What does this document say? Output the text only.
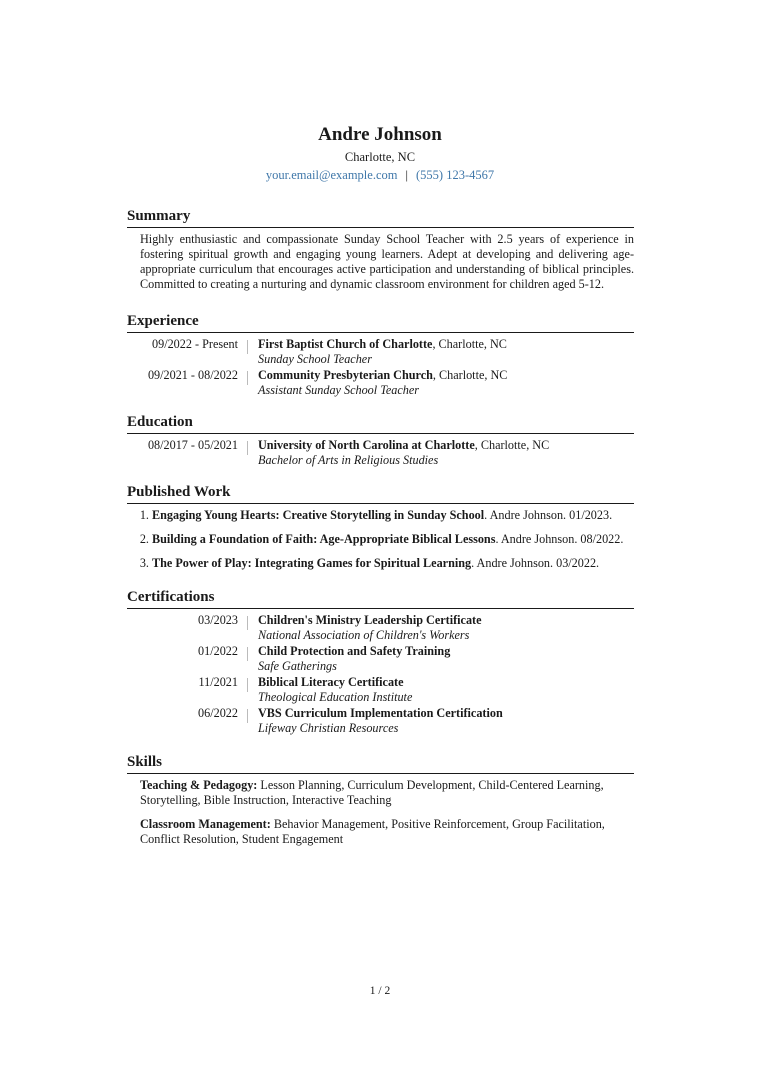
Andre Johnson
Charlotte, NC
your.email@example.com | (555) 123-4567
Summary
Highly enthusiastic and compassionate Sunday School Teacher with 2.5 years of experience in fostering spiritual growth and engaging young learners. Adept at developing and delivering age-appropriate curriculum that encourages active participation and understanding of biblical principles. Committed to creating a nurturing and dynamic classroom environment for children aged 5-12.
Experience
09/2022 - Present	First Baptist Church of Charlotte, Charlotte, NC
Sunday School Teacher
09/2021 - 08/2022	Community Presbyterian Church, Charlotte, NC
Assistant Sunday School Teacher
Education
08/2017 - 05/2021	University of North Carolina at Charlotte, Charlotte, NC
Bachelor of Arts in Religious Studies
Published Work
1. Engaging Young Hearts: Creative Storytelling in Sunday School. Andre Johnson. 01/2023.
2. Building a Foundation of Faith: Age-Appropriate Biblical Lessons. Andre Johnson. 08/2022.
3. The Power of Play: Integrating Games for Spiritual Learning. Andre Johnson. 03/2022.
Certifications
03/2023	Children's Ministry Leadership Certificate
National Association of Children's Workers
01/2022	Child Protection and Safety Training
Safe Gatherings
11/2021	Biblical Literacy Certificate
Theological Education Institute
06/2022	VBS Curriculum Implementation Certification
Lifeway Christian Resources
Skills
Teaching & Pedagogy: Lesson Planning, Curriculum Development, Child-Centered Learning, Storytelling, Bible Instruction, Interactive Teaching
Classroom Management: Behavior Management, Positive Reinforcement, Group Facilitation, Conflict Resolution, Student Engagement
1 / 2
